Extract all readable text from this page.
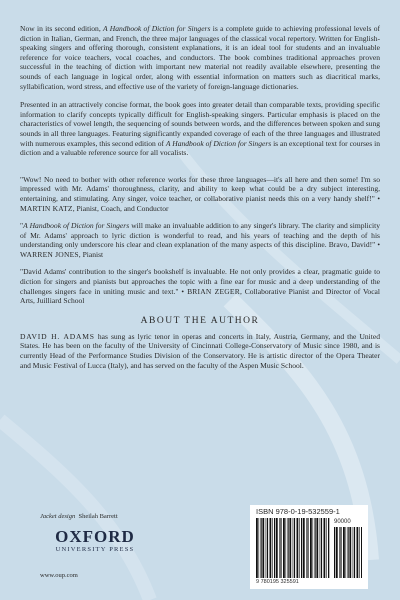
Now in its second edition, A Handbook of Diction for Singers is a complete guide to achieving professional levels of diction in Italian, German, and French, the three major languages of the classical vocal repertory. Written for English-speaking singers and offering thorough, consistent explanations, it is an ideal tool for students and an invaluable reference for voice teachers, vocal coaches, and conductors. The book combines traditional approaches proven successful in the teaching of diction with important new material not readily available elsewhere, presenting the sounds of each language in logical order, along with essential information on matters such as diacritical marks, syllabification, word stress, and effective use of the variety of foreign-language dictionaries.

Presented in an attractively concise format, the book goes into greater detail than comparable texts, providing specific information to clarify concepts typically difficult for English-speaking singers. Particular emphasis is placed on the characteristics of vowel length, the sequencing of sounds between words, and the differences between spoken and sung sounds in all three languages. Featuring significantly expanded coverage of each of the three languages and illustrated with numerous examples, this second edition of A Handbook of Diction for Singers is an exceptional text for courses in diction and a valuable reference source for all vocalists.

"Wow! No need to bother with other reference works for these three languages—it's all here and then some! I'm so impressed with Mr. Adams' thoroughness, clarity, and ability to keep what could be a dry subject interesting, entertaining, and stimulating. Any singer, voice teacher, or collaborative pianist needs this on a very handy shelf!" • MARTIN KATZ, Pianist, Coach, and Conductor

"A Handbook of Diction for Singers will make an invaluable addition to any singer's library. The clarity and simplicity of Mr. Adams' approach to lyric diction is wonderful to read, and his years of teaching and the depth of his understanding only underscore his clear and clean explanation of the many aspects of this discipline. Bravo, David!" • WARREN JONES, Pianist

"David Adams' contribution to the singer's bookshelf is invaluable. He not only provides a clear, pragmatic guide to diction for singers and pianists but approaches the topic with a fine ear for music and a deep understanding of the challenges singers face in uniting music and text." • BRIAN ZEGER, Collaborative Pianist and Director of Vocal Arts, Juilliard School

ABOUT THE AUTHOR

DAVID H. ADAMS has sung as lyric tenor in operas and concerts in Italy, Austria, Germany, and the United States. He has been on the faculty of the University of Cincinnati College-Conservatory of Music since 1980, and is currently Head of the Performance Studies Division of the Conservatory. He is artistic director of the Opera Theater and Music Festival of Lucca (Italy), and has served on the faculty of the Aspen Music School.

Jacket design Sheilah Barrett
OXFORD
UNIVERSITY PRESS
www.oup.com
ISBN 978-0-19-532559-1
90000
9 780195 325591
